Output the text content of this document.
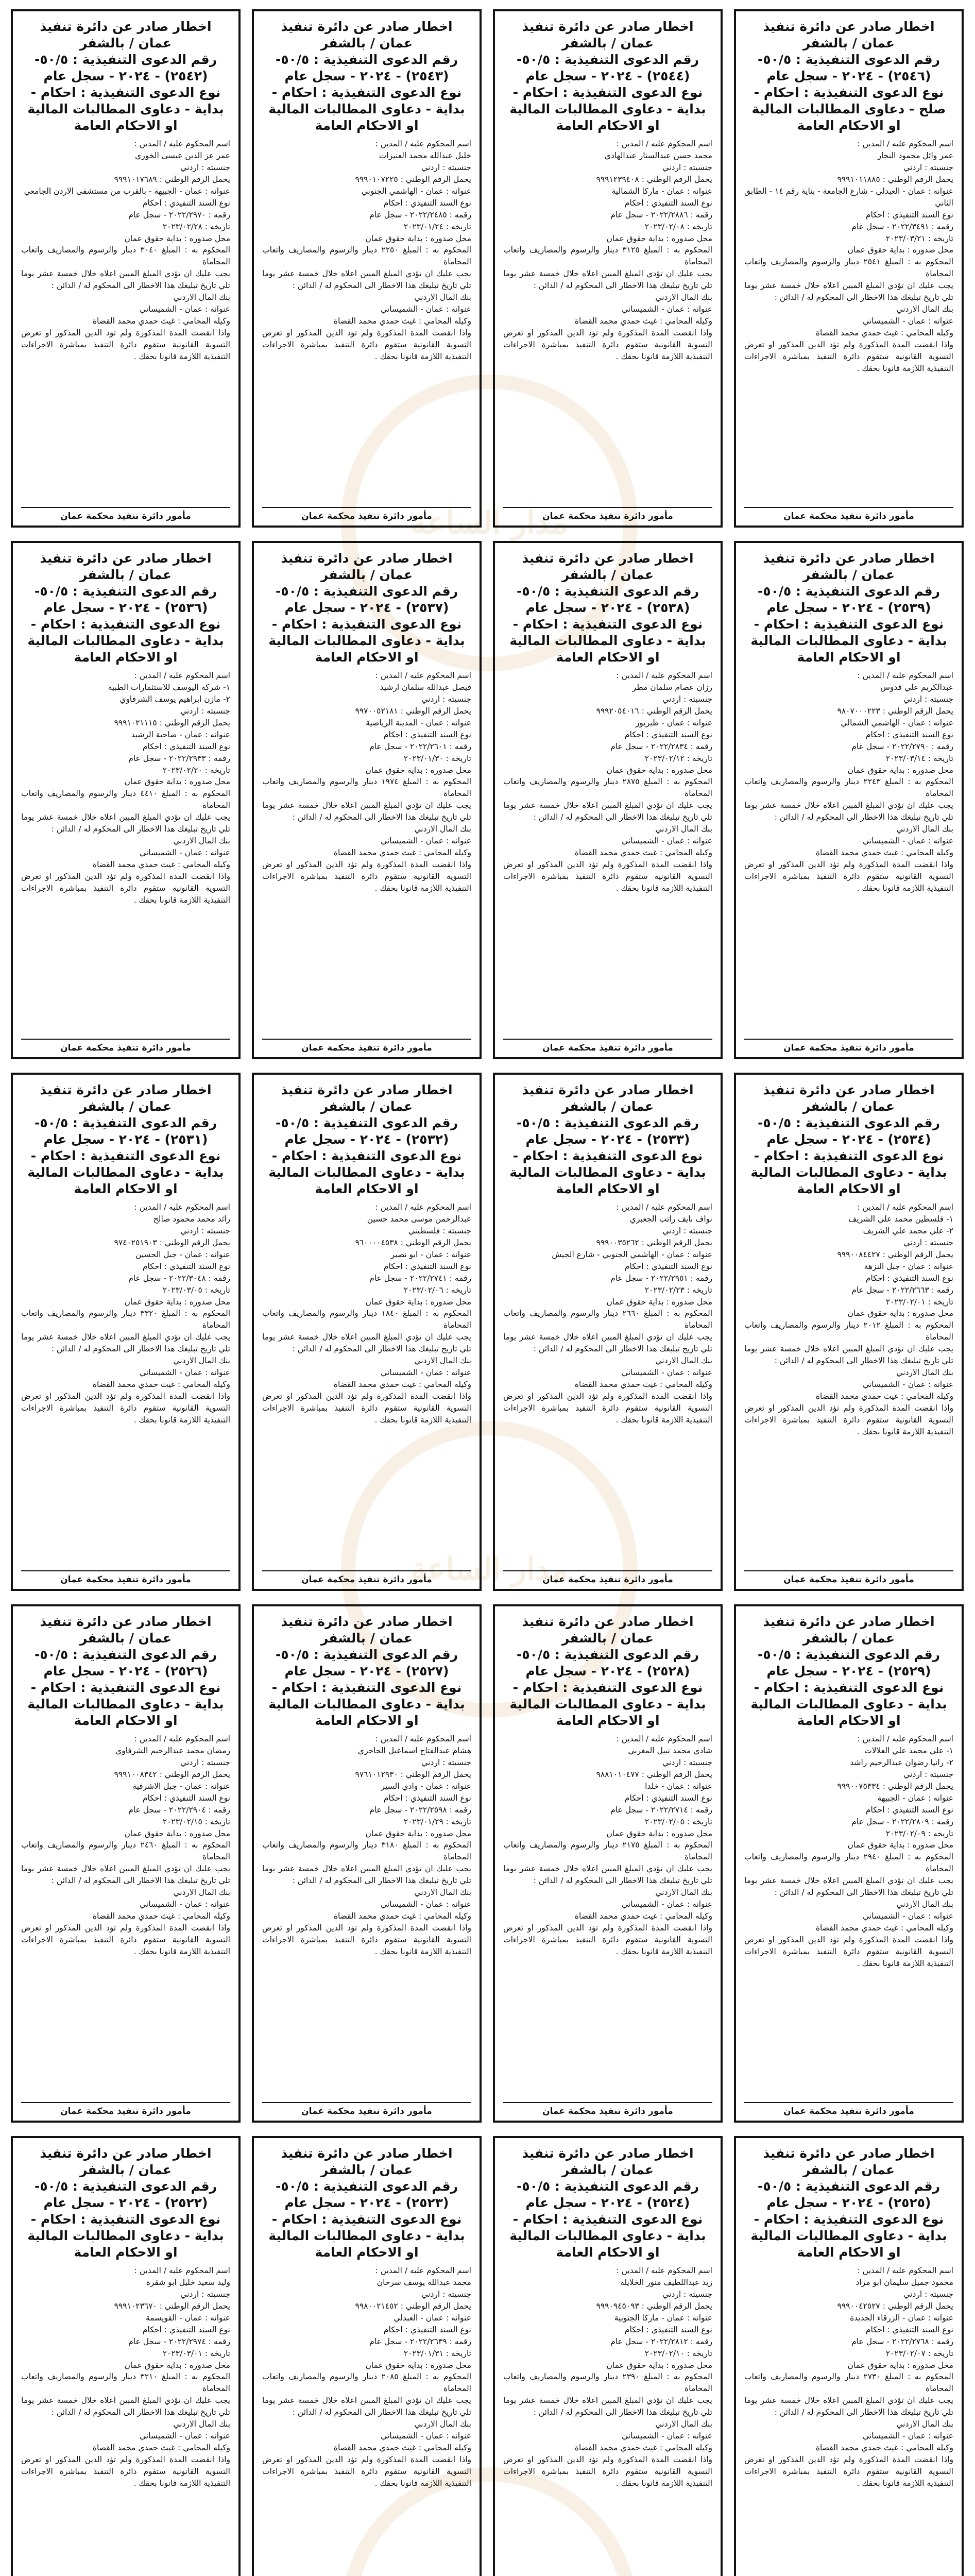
مدار الساعة
مدار الساعة
اخطار صادر عن دائرة تنفيذ عمان / بالشفر
رقم الدعوى التنفيذية : ٥٠/٥-(٢٥٤٦) - ٢٠٢٤ - سجل عام
نوع الدعوى التنفيذية : احكام - صلح - دعاوى المطالبات المالية او الاحكام العامة
اسم المحكوم عليه / المدين :
عمر وائل محمود النجار
جنسيته : اردني
يحمل الرقم الوطني : ٩٩٩١٠١١٨٨٥
عنوانه : عمان - العبدلي - شارع الجامعة - بناية رقم ١٤ - الطابق الثاني
نوع السند التنفيذي : احكام
رقمه : ٢٠٢٢/٣٤٩١ - سجل عام
تاريخه : ٢٠٢٣/٠٣/٢١
محل صدوره : بداية حقوق عمان
المحكوم به : المبلغ ٢٥٤١ دينار والرسوم والمصاريف واتعاب المحاماة
يجب عليك ان تؤدي المبلغ المبين اعلاه خلال خمسة عشر يوما تلي تاريخ تبليغك هذا الاخطار الى المحكوم له / الدائن :
بنك المال الاردني
عنوانه : عمان - الشميساني
وكيله المحامي : غيث حمدي محمد القضاة
واذا انقضت المدة المذكورة ولم تؤد الدين المذكور او تعرض التسوية القانونية ستقوم دائرة التنفيذ بمباشرة الاجراءات التنفيذية اللازمة قانونا بحقك .
مأمور دائرة تنفيذ محكمة عمان
اخطار صادر عن دائرة تنفيذ عمان / بالشفر
رقم الدعوى التنفيذية : ٥٠/٥-(٢٥٤٤) - ٢٠٢٤ - سجل عام
نوع الدعوى التنفيذية : احكام - بداية - دعاوى المطالبات المالية او الاحكام العامة
اسم المحكوم عليه / المدين :
محمد حسن عبدالستار عبدالهادي
جنسيته : اردني
يحمل الرقم الوطني : ٩٩٩١٢٣٩٤٠٨
عنوانه : عمان - ماركا الشمالية
نوع السند التنفيذي : احكام
رقمه : ٢٠٢٢/٢٨٨٦ - سجل عام
تاريخه : ٢٠٢٣/٠٢/٠٨
محل صدوره : بداية حقوق عمان
المحكوم به : المبلغ ٣١٢٥ دينار والرسوم والمصاريف واتعاب المحاماة
يجب عليك ان تؤدي المبلغ المبين اعلاه خلال خمسة عشر يوما تلي تاريخ تبليغك هذا الاخطار الى المحكوم له / الدائن :
بنك المال الاردني
عنوانه : عمان - الشميساني
وكيله المحامي : غيث حمدي محمد القضاة
واذا انقضت المدة المذكورة ولم تؤد الدين المذكور او تعرض التسوية القانونية ستقوم دائرة التنفيذ بمباشرة الاجراءات التنفيذية اللازمة قانونا بحقك .
مأمور دائرة تنفيذ محكمة عمان
اخطار صادر عن دائرة تنفيذ عمان / بالشفر
رقم الدعوى التنفيذية : ٥٠/٥-(٢٥٤٣) - ٢٠٢٤ - سجل عام
نوع الدعوى التنفيذية : احكام - بداية - دعاوى المطالبات المالية او الاحكام العامة
اسم المحكوم عليه / المدين :
خليل عبدالله محمد العنيزات
جنسيته : اردني
يحمل الرقم الوطني : ٩٩٩٠١٠٧٢٢٥
عنوانه : عمان - الهاشمي الجنوبي
نوع السند التنفيذي : احكام
رقمه : ٢٠٢٢/٢٤٨٥ - سجل عام
تاريخه : ٢٠٢٣/٠١/٢٤
محل صدوره : بداية حقوق عمان
المحكوم به : المبلغ ٢٢٥٠ دينار والرسوم والمصاريف واتعاب المحاماة
يجب عليك ان تؤدي المبلغ المبين اعلاه خلال خمسة عشر يوما تلي تاريخ تبليغك هذا الاخطار الى المحكوم له / الدائن :
بنك المال الاردني
عنوانه : عمان - الشميساني
وكيله المحامي : غيث حمدي محمد القضاة
واذا انقضت المدة المذكورة ولم تؤد الدين المذكور او تعرض التسوية القانونية ستقوم دائرة التنفيذ بمباشرة الاجراءات التنفيذية اللازمة قانونا بحقك .
مأمور دائرة تنفيذ محكمة عمان
اخطار صادر عن دائرة تنفيذ عمان / بالشفر
رقم الدعوى التنفيذية : ٥٠/٥-(٢٥٤٢) - ٢٠٢٤ - سجل عام
نوع الدعوى التنفيذية : احكام - بداية - دعاوى المطالبات المالية او الاحكام العامة
اسم المحكوم عليه / المدين :
عمر عز الدين عيسى الخوري
جنسيته : اردني
يحمل الرقم الوطني : ٩٩٩١٠١٧٦٨٩
عنوانه : عمان - الجبيهة - بالقرب من مستشفى الاردن الجامعي
نوع السند التنفيذي : احكام
رقمه : ٢٠٢٢/٢٩٧٠ - سجل عام
تاريخه : ٢٠٢٣/٠٢/٢٨
محل صدوره : بداية حقوق عمان
المحكوم به : المبلغ ٣٠٤٠ دينار والرسوم والمصاريف واتعاب المحاماة
يجب عليك ان تؤدي المبلغ المبين اعلاه خلال خمسة عشر يوما تلي تاريخ تبليغك هذا الاخطار الى المحكوم له / الدائن :
بنك المال الاردني
عنوانه : عمان - الشميساني
وكيله المحامي : غيث حمدي محمد القضاة
واذا انقضت المدة المذكورة ولم تؤد الدين المذكور او تعرض التسوية القانونية ستقوم دائرة التنفيذ بمباشرة الاجراءات التنفيذية اللازمة قانونا بحقك .
مأمور دائرة تنفيذ محكمة عمان
اخطار صادر عن دائرة تنفيذ عمان / بالشفر
رقم الدعوى التنفيذية : ٥٠/٥-(٢٥٣٩) - ٢٠٢٤ - سجل عام
نوع الدعوى التنفيذية : احكام - بداية - دعاوى المطالبات المالية او الاحكام العامة
اسم المحكوم عليه / المدين :
عبدالكريم علي قدوس
جنسيته : اردني
يحمل الرقم الوطني : ٩٨٠٧٠٠٠٢٢٣
عنوانه : عمان - الهاشمي الشمالي
نوع السند التنفيذي : احكام
رقمه : ٢٠٢٢/٢٧٩٠ - سجل عام
تاريخه : ٢٠٢٣/٠٣/١٤
محل صدوره : بداية حقوق عمان
المحكوم به : المبلغ ٢٢٤٣ دينار والرسوم والمصاريف واتعاب المحاماة
يجب عليك ان تؤدي المبلغ المبين اعلاه خلال خمسة عشر يوما تلي تاريخ تبليغك هذا الاخطار الى المحكوم له / الدائن :
بنك المال الاردني
عنوانه : عمان - الشميساني
وكيله المحامي : غيث حمدي محمد القضاة
واذا انقضت المدة المذكورة ولم تؤد الدين المذكور او تعرض التسوية القانونية ستقوم دائرة التنفيذ بمباشرة الاجراءات التنفيذية اللازمة قانونا بحقك .
مأمور دائرة تنفيذ محكمة عمان
اخطار صادر عن دائرة تنفيذ عمان / بالشفر
رقم الدعوى التنفيذية : ٥٠/٥-(٢٥٣٨) - ٢٠٢٤ - سجل عام
نوع الدعوى التنفيذية : احكام - بداية - دعاوى المطالبات المالية او الاحكام العامة
اسم المحكوم عليه / المدين :
رزان عصام سلمان مطر
جنسيته : اردني
يحمل الرقم الوطني : ٩٩٩٢٠٥٤٠١٦
عنوانه : عمان - طبربور
نوع السند التنفيذي : احكام
رقمه : ٢٠٢٢/٢٨٣٤ - سجل عام
تاريخه : ٢٠٢٣/٠٢/١٢
محل صدوره : بداية حقوق عمان
المحكوم به : المبلغ ٢٨٧٥ دينار والرسوم والمصاريف واتعاب المحاماة
يجب عليك ان تؤدي المبلغ المبين اعلاه خلال خمسة عشر يوما تلي تاريخ تبليغك هذا الاخطار الى المحكوم له / الدائن :
بنك المال الاردني
عنوانه : عمان - الشميساني
وكيله المحامي : غيث حمدي محمد القضاة
واذا انقضت المدة المذكورة ولم تؤد الدين المذكور او تعرض التسوية القانونية ستقوم دائرة التنفيذ بمباشرة الاجراءات التنفيذية اللازمة قانونا بحقك .
مأمور دائرة تنفيذ محكمة عمان
اخطار صادر عن دائرة تنفيذ عمان / بالشفر
رقم الدعوى التنفيذية : ٥٠/٥-(٢٥٣٧) - ٢٠٢٤ - سجل عام
نوع الدعوى التنفيذية : احكام - بداية - دعاوى المطالبات المالية او الاحكام العامة
اسم المحكوم عليه / المدين :
فيصل عبدالله سلمان ارشيد
جنسيته : اردني
يحمل الرقم الوطني : ٩٩٧٠٠٥٢١٨١
عنوانه : عمان - المدينة الرياضية
نوع السند التنفيذي : احكام
رقمه : ٢٠٢٢/٢٦٠١ - سجل عام
تاريخه : ٢٠٢٣/٠١/٣٠
محل صدوره : بداية حقوق عمان
المحكوم به : المبلغ ١٩٧٤ دينار والرسوم والمصاريف واتعاب المحاماة
يجب عليك ان تؤدي المبلغ المبين اعلاه خلال خمسة عشر يوما تلي تاريخ تبليغك هذا الاخطار الى المحكوم له / الدائن :
بنك المال الاردني
عنوانه : عمان - الشميساني
وكيله المحامي : غيث حمدي محمد القضاة
واذا انقضت المدة المذكورة ولم تؤد الدين المذكور او تعرض التسوية القانونية ستقوم دائرة التنفيذ بمباشرة الاجراءات التنفيذية اللازمة قانونا بحقك .
مأمور دائرة تنفيذ محكمة عمان
اخطار صادر عن دائرة تنفيذ عمان / بالشفر
رقم الدعوى التنفيذية : ٥٠/٥-(٢٥٣٦) - ٢٠٢٤ - سجل عام
نوع الدعوى التنفيذية : احكام - بداية - دعاوى المطالبات المالية او الاحكام العامة
اسم المحكوم عليه / المدين :
١- شركة اليوسف للاستثمارات الطبية
٢- مازن ابراهيم يوسف الشرفاوي
جنسيته : اردني
يحمل الرقم الوطني : ٩٩٩١٠٢١١١٥
عنوانه : عمان - ضاحية الرشيد
نوع السند التنفيذي : احكام
رقمه : ٢٠٢٢/٢٩٣٣ - سجل عام
تاريخه : ٢٠٢٣/٠٢/٢٠
محل صدوره : بداية حقوق عمان
المحكوم به : المبلغ ٤٤١٠ دينار والرسوم والمصاريف واتعاب المحاماة
يجب عليك ان تؤدي المبلغ المبين اعلاه خلال خمسة عشر يوما تلي تاريخ تبليغك هذا الاخطار الى المحكوم له / الدائن :
بنك المال الاردني
عنوانه : عمان - الشميساني
وكيله المحامي : غيث حمدي محمد القضاة
واذا انقضت المدة المذكورة ولم تؤد الدين المذكور او تعرض التسوية القانونية ستقوم دائرة التنفيذ بمباشرة الاجراءات التنفيذية اللازمة قانونا بحقك .
مأمور دائرة تنفيذ محكمة عمان
اخطار صادر عن دائرة تنفيذ عمان / بالشفر
رقم الدعوى التنفيذية : ٥٠/٥-(٢٥٣٤) - ٢٠٢٤ - سجل عام
نوع الدعوى التنفيذية : احكام - بداية - دعاوى المطالبات المالية او الاحكام العامة
اسم المحكوم عليه / المدين :
١- فلسطين محمد علي الشريف
٢- علي محمد علي الشريف
جنسيته : اردني
يحمل الرقم الوطني : ٩٩٩٠٠٨٤٤٢٧
عنوانه : عمان - جبل النزهة
نوع السند التنفيذي : احكام
رقمه : ٢٠٢٢/٢٦٦٣ - سجل عام
تاريخه : ٢٠٢٣/٠٢/٠١
محل صدوره : بداية حقوق عمان
المحكوم به : المبلغ ٢٠١٢ دينار والرسوم والمصاريف واتعاب المحاماة
يجب عليك ان تؤدي المبلغ المبين اعلاه خلال خمسة عشر يوما تلي تاريخ تبليغك هذا الاخطار الى المحكوم له / الدائن :
بنك المال الاردني
عنوانه : عمان - الشميساني
وكيله المحامي : غيث حمدي محمد القضاة
واذا انقضت المدة المذكورة ولم تؤد الدين المذكور او تعرض التسوية القانونية ستقوم دائرة التنفيذ بمباشرة الاجراءات التنفيذية اللازمة قانونا بحقك .
مأمور دائرة تنفيذ محكمة عمان
اخطار صادر عن دائرة تنفيذ عمان / بالشفر
رقم الدعوى التنفيذية : ٥٠/٥-(٢٥٣٣) - ٢٠٢٤ - سجل عام
نوع الدعوى التنفيذية : احكام - بداية - دعاوى المطالبات المالية او الاحكام العامة
اسم المحكوم عليه / المدين :
نواف نايف راتب الجعبري
جنسيته : اردني
يحمل الرقم الوطني : ٩٩٩٠٠٣٥٢٦٢
عنوانه : عمان - الهاشمي الجنوبي - شارع الجيش
نوع السند التنفيذي : احكام
رقمه : ٢٠٢٢/٢٩٥١ - سجل عام
تاريخه : ٢٠٢٣/٠٢/٢٣
محل صدوره : بداية حقوق عمان
المحكوم به : المبلغ ٢٦٦٠ دينار والرسوم والمصاريف واتعاب المحاماة
يجب عليك ان تؤدي المبلغ المبين اعلاه خلال خمسة عشر يوما تلي تاريخ تبليغك هذا الاخطار الى المحكوم له / الدائن :
بنك المال الاردني
عنوانه : عمان - الشميساني
وكيله المحامي : غيث حمدي محمد القضاة
واذا انقضت المدة المذكورة ولم تؤد الدين المذكور او تعرض التسوية القانونية ستقوم دائرة التنفيذ بمباشرة الاجراءات التنفيذية اللازمة قانونا بحقك .
مأمور دائرة تنفيذ محكمة عمان
اخطار صادر عن دائرة تنفيذ عمان / بالشفر
رقم الدعوى التنفيذية : ٥٠/٥-(٢٥٣٢) - ٢٠٢٤ - سجل عام
نوع الدعوى التنفيذية : احكام - بداية - دعاوى المطالبات المالية او الاحكام العامة
اسم المحكوم عليه / المدين :
عبدالرحمن موسى محمد حسين
جنسيته : فلسطيني
يحمل الرقم الوطني : ٩٦٠٠٠٠٤٥٣٨
عنوانه : عمان - ابو نصير
نوع السند التنفيذي : احكام
رقمه : ٢٠٢٢/٢٧٤١ - سجل عام
تاريخه : ٢٠٢٣/٠٢/٠٦
محل صدوره : بداية حقوق عمان
المحكوم به : المبلغ ١٨٤٠ دينار والرسوم والمصاريف واتعاب المحاماة
يجب عليك ان تؤدي المبلغ المبين اعلاه خلال خمسة عشر يوما تلي تاريخ تبليغك هذا الاخطار الى المحكوم له / الدائن :
بنك المال الاردني
عنوانه : عمان - الشميساني
وكيله المحامي : غيث حمدي محمد القضاة
واذا انقضت المدة المذكورة ولم تؤد الدين المذكور او تعرض التسوية القانونية ستقوم دائرة التنفيذ بمباشرة الاجراءات التنفيذية اللازمة قانونا بحقك .
مأمور دائرة تنفيذ محكمة عمان
اخطار صادر عن دائرة تنفيذ عمان / بالشفر
رقم الدعوى التنفيذية : ٥٠/٥-(٢٥٣١) - ٢٠٢٤ - سجل عام
نوع الدعوى التنفيذية : احكام - بداية - دعاوى المطالبات المالية او الاحكام العامة
اسم المحكوم عليه / المدين :
رائد محمد محمود صالح
جنسيته : اردني
يحمل الرقم الوطني : ٩٧٤٠٢٥١٩٠٣
عنوانه : عمان - جبل الحسين
نوع السند التنفيذي : احكام
رقمه : ٢٠٢٢/٣٠٤٨ - سجل عام
تاريخه : ٢٠٢٣/٠٣/٠٥
محل صدوره : بداية حقوق عمان
المحكوم به : المبلغ ٣٣٢٠ دينار والرسوم والمصاريف واتعاب المحاماة
يجب عليك ان تؤدي المبلغ المبين اعلاه خلال خمسة عشر يوما تلي تاريخ تبليغك هذا الاخطار الى المحكوم له / الدائن :
بنك المال الاردني
عنوانه : عمان - الشميساني
وكيله المحامي : غيث حمدي محمد القضاة
واذا انقضت المدة المذكورة ولم تؤد الدين المذكور او تعرض التسوية القانونية ستقوم دائرة التنفيذ بمباشرة الاجراءات التنفيذية اللازمة قانونا بحقك .
مأمور دائرة تنفيذ محكمة عمان
اخطار صادر عن دائرة تنفيذ عمان / بالشفر
رقم الدعوى التنفيذية : ٥٠/٥-(٢٥٢٩) - ٢٠٢٤ - سجل عام
نوع الدعوى التنفيذية : احكام - بداية - دعاوى المطالبات المالية او الاحكام العامة
اسم المحكوم عليه / المدين :
١- علي محمد علي العلالات
٢- رانيا رضوان عبدالرحيم راشد
جنسيته : اردني
يحمل الرقم الوطني : ٩٩٩٠٠٧٥٣٣٤
عنوانه : عمان - الجبيهة
نوع السند التنفيذي : احكام
رقمه : ٢٠٢٢/٢٨٠٩ - سجل عام
تاريخه : ٢٠٢٣/٠٢/٠٩
محل صدوره : بداية حقوق عمان
المحكوم به : المبلغ ٢٩٤٠ دينار والرسوم والمصاريف واتعاب المحاماة
يجب عليك ان تؤدي المبلغ المبين اعلاه خلال خمسة عشر يوما تلي تاريخ تبليغك هذا الاخطار الى المحكوم له / الدائن :
بنك المال الاردني
عنوانه : عمان - الشميساني
وكيله المحامي : غيث حمدي محمد القضاة
واذا انقضت المدة المذكورة ولم تؤد الدين المذكور او تعرض التسوية القانونية ستقوم دائرة التنفيذ بمباشرة الاجراءات التنفيذية اللازمة قانونا بحقك .
مأمور دائرة تنفيذ محكمة عمان
اخطار صادر عن دائرة تنفيذ عمان / بالشفر
رقم الدعوى التنفيذية : ٥٠/٥-(٢٥٢٨) - ٢٠٢٤ - سجل عام
نوع الدعوى التنفيذية : احكام - بداية - دعاوى المطالبات المالية او الاحكام العامة
اسم المحكوم عليه / المدين :
شادي محمد نبيل المغربي
جنسيته : اردني
يحمل الرقم الوطني : ٩٨٨١٠١٠٤٧٧
عنوانه : عمان - خلدا
نوع السند التنفيذي : احكام
رقمه : ٢٠٢٢/٢٧١٤ - سجل عام
تاريخه : ٢٠٢٣/٠٢/٠٥
محل صدوره : بداية حقوق عمان
المحكوم به : المبلغ ٢١٧٥ دينار والرسوم والمصاريف واتعاب المحاماة
يجب عليك ان تؤدي المبلغ المبين اعلاه خلال خمسة عشر يوما تلي تاريخ تبليغك هذا الاخطار الى المحكوم له / الدائن :
بنك المال الاردني
عنوانه : عمان - الشميساني
وكيله المحامي : غيث حمدي محمد القضاة
واذا انقضت المدة المذكورة ولم تؤد الدين المذكور او تعرض التسوية القانونية ستقوم دائرة التنفيذ بمباشرة الاجراءات التنفيذية اللازمة قانونا بحقك .
مأمور دائرة تنفيذ محكمة عمان
اخطار صادر عن دائرة تنفيذ عمان / بالشفر
رقم الدعوى التنفيذية : ٥٠/٥-(٢٥٢٧) - ٢٠٢٤ - سجل عام
نوع الدعوى التنفيذية : احكام - بداية - دعاوى المطالبات المالية او الاحكام العامة
اسم المحكوم عليه / المدين :
هشام عبدالفتاح اسماعيل الحاجري
جنسيته : اردني
يحمل الرقم الوطني : ٩٧٦١٠١٢٩٣٠
عنوانه : عمان - وادي السير
نوع السند التنفيذي : احكام
رقمه : ٢٠٢٢/٢٥٩٨ - سجل عام
تاريخه : ٢٠٢٣/٠١/٢٩
محل صدوره : بداية حقوق عمان
المحكوم به : المبلغ ٣١٨٠ دينار والرسوم والمصاريف واتعاب المحاماة
يجب عليك ان تؤدي المبلغ المبين اعلاه خلال خمسة عشر يوما تلي تاريخ تبليغك هذا الاخطار الى المحكوم له / الدائن :
بنك المال الاردني
عنوانه : عمان - الشميساني
وكيله المحامي : غيث حمدي محمد القضاة
واذا انقضت المدة المذكورة ولم تؤد الدين المذكور او تعرض التسوية القانونية ستقوم دائرة التنفيذ بمباشرة الاجراءات التنفيذية اللازمة قانونا بحقك .
مأمور دائرة تنفيذ محكمة عمان
اخطار صادر عن دائرة تنفيذ عمان / بالشفر
رقم الدعوى التنفيذية : ٥٠/٥-(٢٥٢٦) - ٢٠٢٤ - سجل عام
نوع الدعوى التنفيذية : احكام - بداية - دعاوى المطالبات المالية او الاحكام العامة
اسم المحكوم عليه / المدين :
رمضان محمد عبدالرحيم الشرفاوي
جنسيته : اردني
يحمل الرقم الوطني : ٩٩٩١٠٠٨٣٤٢
عنوانه : عمان - جبل الاشرفية
نوع السند التنفيذي : احكام
رقمه : ٢٠٢٢/٢٩٠٤ - سجل عام
تاريخه : ٢٠٢٣/٠٢/١٥
محل صدوره : بداية حقوق عمان
المحكوم به : المبلغ ٢٤٦٠ دينار والرسوم والمصاريف واتعاب المحاماة
يجب عليك ان تؤدي المبلغ المبين اعلاه خلال خمسة عشر يوما تلي تاريخ تبليغك هذا الاخطار الى المحكوم له / الدائن :
بنك المال الاردني
عنوانه : عمان - الشميساني
وكيله المحامي : غيث حمدي محمد القضاة
واذا انقضت المدة المذكورة ولم تؤد الدين المذكور او تعرض التسوية القانونية ستقوم دائرة التنفيذ بمباشرة الاجراءات التنفيذية اللازمة قانونا بحقك .
مأمور دائرة تنفيذ محكمة عمان
اخطار صادر عن دائرة تنفيذ عمان / بالشفر
رقم الدعوى التنفيذية : ٥٠/٥-(٢٥٢٥) - ٢٠٢٤ - سجل عام
نوع الدعوى التنفيذية : احكام - بداية - دعاوى المطالبات المالية او الاحكام العامة
اسم المحكوم عليه / المدين :
محمود جميل سليمان ابو مراد
جنسيته : اردني
يحمل الرقم الوطني : ٩٩٩٠٠٤٢٥٢٧
عنوانه : عمان - الزرقاء الجديدة
نوع السند التنفيذي : احكام
رقمه : ٢٠٢٢/٢٧٦٨ - سجل عام
تاريخه : ٢٠٢٣/٠٢/٠٧
محل صدوره : بداية حقوق عمان
المحكوم به : المبلغ ٢٧٣٠ دينار والرسوم والمصاريف واتعاب المحاماة
يجب عليك ان تؤدي المبلغ المبين اعلاه خلال خمسة عشر يوما تلي تاريخ تبليغك هذا الاخطار الى المحكوم له / الدائن :
بنك المال الاردني
عنوانه : عمان - الشميساني
وكيله المحامي : غيث حمدي محمد القضاة
واذا انقضت المدة المذكورة ولم تؤد الدين المذكور او تعرض التسوية القانونية ستقوم دائرة التنفيذ بمباشرة الاجراءات التنفيذية اللازمة قانونا بحقك .
اخطار صادر عن دائرة تنفيذ عمان / بالشفر
رقم الدعوى التنفيذية : ٥٠/٥-(٢٥٢٤) - ٢٠٢٤ - سجل عام
نوع الدعوى التنفيذية : احكام - بداية - دعاوى المطالبات المالية او الاحكام العامة
اسم المحكوم عليه / المدين :
زيد عبداللطيف منور الخلايلة
جنسيته : اردني
يحمل الرقم الوطني : ٩٩٩٠٩٤٥٠٩٣
عنوانه : عمان - ماركا الجنوبية
نوع السند التنفيذي : احكام
رقمه : ٢٠٢٢/٢٨١٢ - سجل عام
تاريخه : ٢٠٢٣/٠٢/١٠
محل صدوره : بداية حقوق عمان
المحكوم به : المبلغ ٢٣٩٠ دينار والرسوم والمصاريف واتعاب المحاماة
يجب عليك ان تؤدي المبلغ المبين اعلاه خلال خمسة عشر يوما تلي تاريخ تبليغك هذا الاخطار الى المحكوم له / الدائن :
بنك المال الاردني
عنوانه : عمان - الشميساني
وكيله المحامي : غيث حمدي محمد القضاة
واذا انقضت المدة المذكورة ولم تؤد الدين المذكور او تعرض التسوية القانونية ستقوم دائرة التنفيذ بمباشرة الاجراءات التنفيذية اللازمة قانونا بحقك .
اخطار صادر عن دائرة تنفيذ عمان / بالشفر
رقم الدعوى التنفيذية : ٥٠/٥-(٢٥٢٣) - ٢٠٢٤ - سجل عام
نوع الدعوى التنفيذية : احكام - بداية - دعاوى المطالبات المالية او الاحكام العامة
اسم المحكوم عليه / المدين :
محمد عبدالله يوسف سرحان
جنسيته : اردني
يحمل الرقم الوطني : ٩٩٨٠٠٢١٤٥٢
عنوانه : عمان - العبدلي
نوع السند التنفيذي : احكام
رقمه : ٢٠٢٢/٢٦٣٩ - سجل عام
تاريخه : ٢٠٢٣/٠١/٣١
محل صدوره : بداية حقوق عمان
المحكوم به : المبلغ ٢٠٨٥ دينار والرسوم والمصاريف واتعاب المحاماة
يجب عليك ان تؤدي المبلغ المبين اعلاه خلال خمسة عشر يوما تلي تاريخ تبليغك هذا الاخطار الى المحكوم له / الدائن :
بنك المال الاردني
عنوانه : عمان - الشميساني
وكيله المحامي : غيث حمدي محمد القضاة
واذا انقضت المدة المذكورة ولم تؤد الدين المذكور او تعرض التسوية القانونية ستقوم دائرة التنفيذ بمباشرة الاجراءات التنفيذية اللازمة قانونا بحقك .
اخطار صادر عن دائرة تنفيذ عمان / بالشفر
رقم الدعوى التنفيذية : ٥٠/٥-(٢٥٢٢) - ٢٠٢٤ - سجل عام
نوع الدعوى التنفيذية : احكام - بداية - دعاوى المطالبات المالية او الاحكام العامة
اسم المحكوم عليه / المدين :
وليد سعيد خليل ابو شقرة
جنسيته : اردني
يحمل الرقم الوطني : ٩٩٩١٠٢٣٦٧٠
عنوانه : عمان - القويسمة
نوع السند التنفيذي : احكام
رقمه : ٢٠٢٢/٢٩٧٤ - سجل عام
تاريخه : ٢٠٢٣/٠٣/٠١
محل صدوره : بداية حقوق عمان
المحكوم به : المبلغ ٣٢١٠ دينار والرسوم والمصاريف واتعاب المحاماة
يجب عليك ان تؤدي المبلغ المبين اعلاه خلال خمسة عشر يوما تلي تاريخ تبليغك هذا الاخطار الى المحكوم له / الدائن :
بنك المال الاردني
عنوانه : عمان - الشميساني
وكيله المحامي : غيث حمدي محمد القضاة
واذا انقضت المدة المذكورة ولم تؤد الدين المذكور او تعرض التسوية القانونية ستقوم دائرة التنفيذ بمباشرة الاجراءات التنفيذية اللازمة قانونا بحقك .
